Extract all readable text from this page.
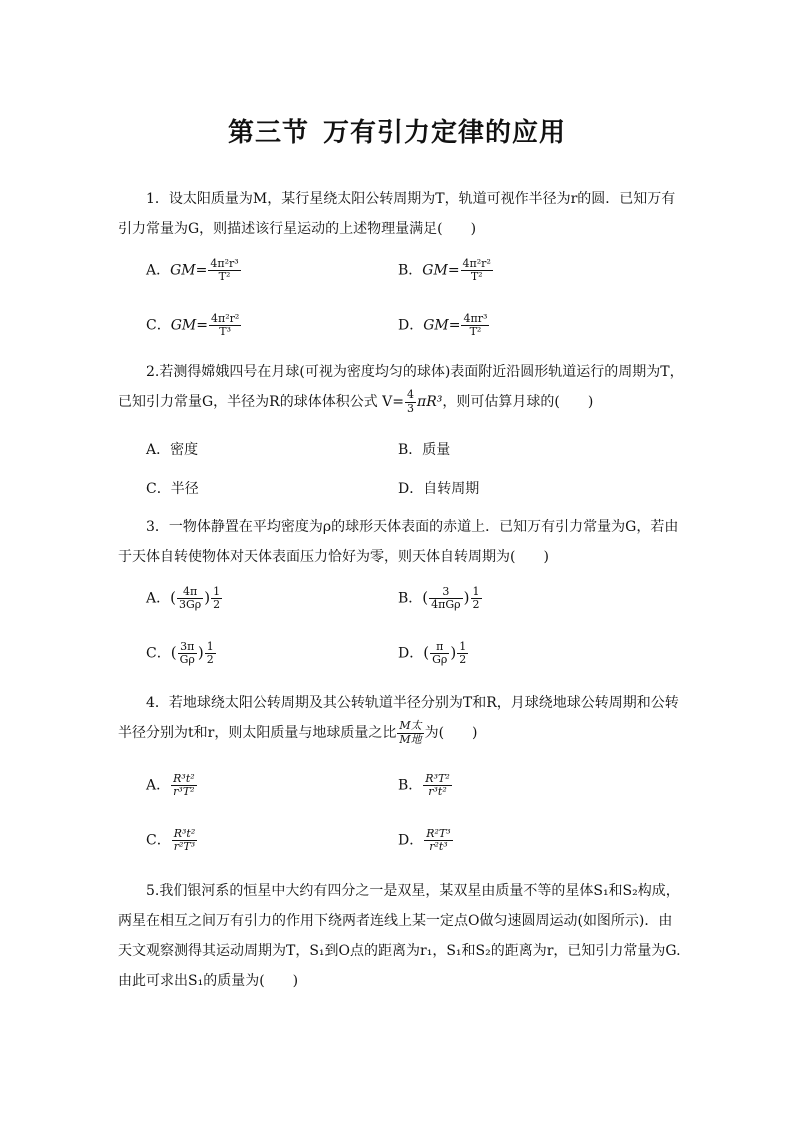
第三节 万有引力定律的应用
1．设太阳质量为M，某行星绕太阳公转周期为T，轨道可视作半径为r的圆．已知万有引力常量为G，则描述该行星运动的上述物理量满足(　　)
A．$GM= \frac{\text{4π²r³}}{\text{T²}}$	B．$GM= \frac{\text{4π²r²}}{\text{T²}}$
C．$GM= \frac{\text{4π²r²}}{\text{T³}}$	D．$GM= \frac{\text{4πr³}}{\text{T²}}$
2.若测得嫦娥四号在月球(可视为密度均匀的球体)表面附近沿圆形轨道运行的周期为T，已知引力常量G，半径为R的球体体积公式 $V= \frac{4}{3} \pi R^3$，则可估算月球的(　　)
A．密度	B．质量
C．半径	D．自转周期
3．一物体静置在平均密度为ρ的球形天体表面的赤道上．已知万有引力常量为G，若由于天体自转使物体对天体表面压力恰好为零，则天体自转周期为(　　)
A．( $\frac{4\pi}{3G\rho}$ ) $\frac{1}{2}$	B．( $\frac{3}{\text{4πGρ}}$ ) $\frac{1}{2}$
C．( $\frac{3\pi}{G\rho}$ ) $\frac{1}{2}$	D．( $\frac{\pi}{G\rho}$ ) $\frac{1}{2}$
4．若地球绕太阳公转周期及其公转轨道半径分别为T和R，月球绕地球公转周期和公转半径分别为t和r，则太阳质量与地球质量之比 $\frac{\text{M太}}{\text{M地}}$ 为(　　)
A． $\frac{\text{R³t²}}{\text{r³T²}}$	B． $\frac{\text{R³T²}}{\text{r³t²}}$
C． $\frac{\text{R³t²}}{\text{r²T³}}$	D． $\frac{\text{R²T³}}{\text{r²t³}}$
5.我们银河系的恒星中大约有四分之一是双星，某双星由质量不等的星体S₁和S₂构成，两星在相互之间万有引力的作用下绕两者连线上某一定点O做匀速圆周运动(如图所示)．由天文观察测得其运动周期为T，S₁到O点的距离为r₁，S₁和S₂的距离为r，已知引力常量为G.由此可求出S₁的质量为(　　)
